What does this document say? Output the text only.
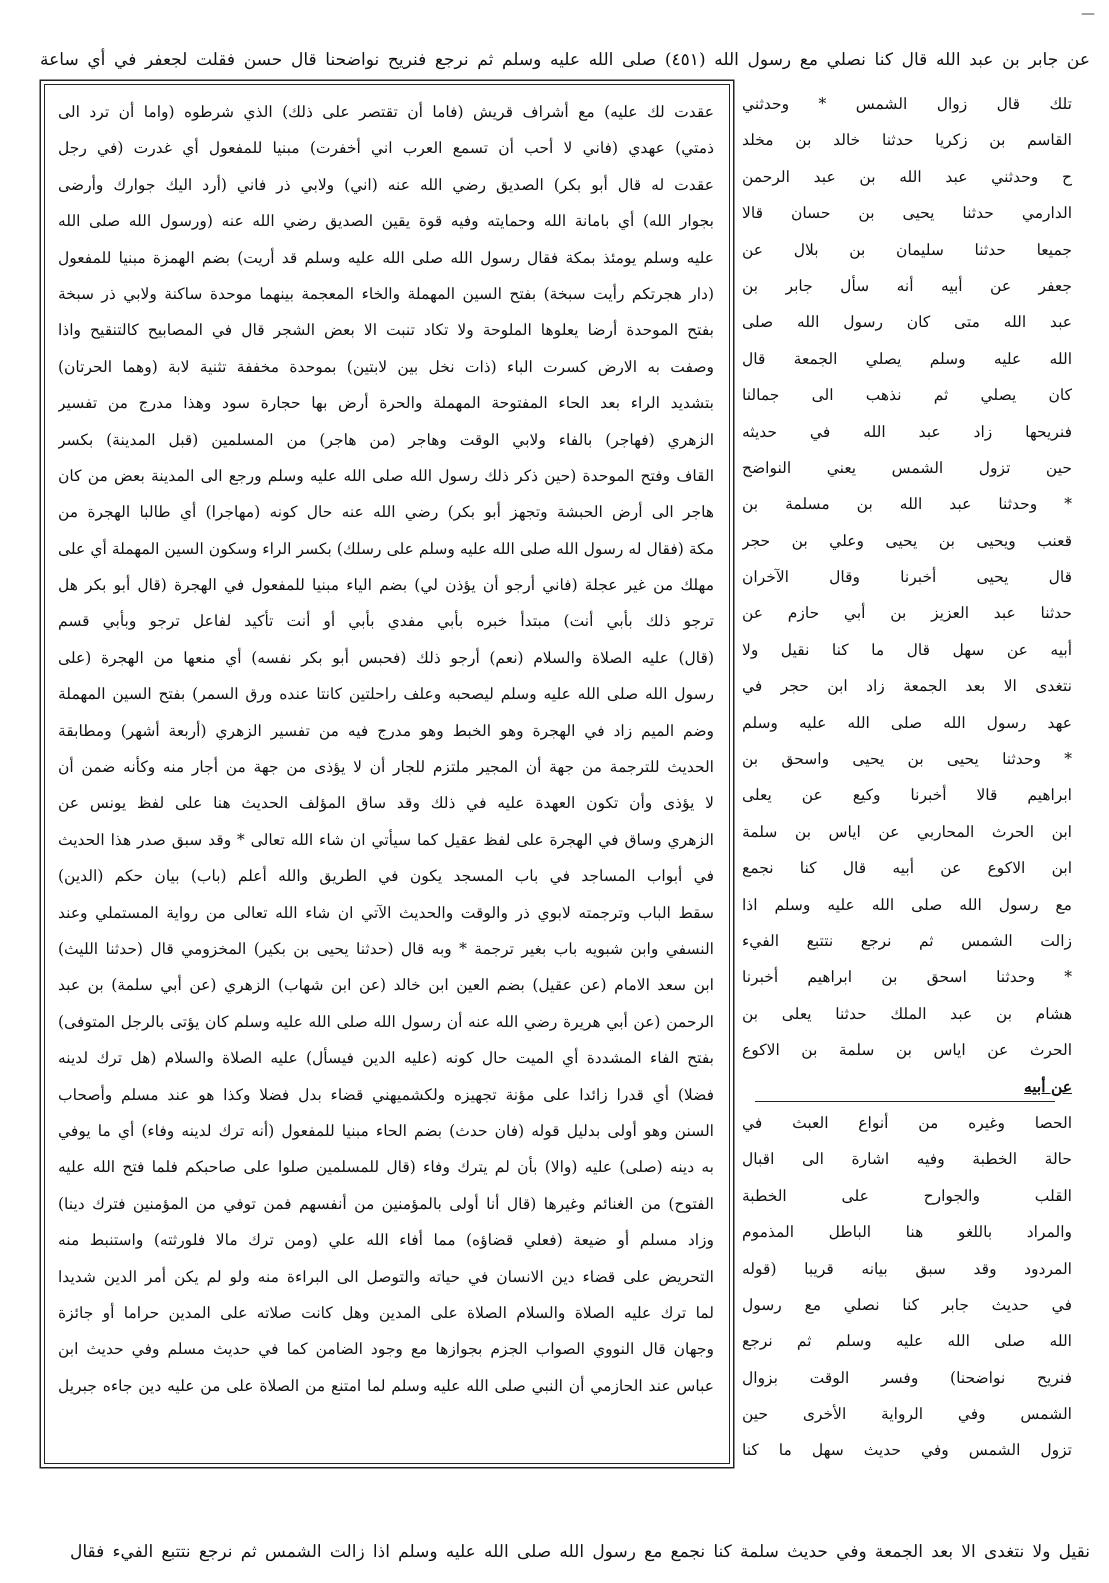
—
عن جابر بن عبد الله قال كنا نصلي مع رسول الله (٤٥١) صلى الله عليه وسلم ثم نرجع فنريح نواضحنا قال حسن فقلت لجعفر في أي ساعة
عقدت لك عليه) مع أشراف قريش (فاما أن تقتصر على ذلك) الذي شرطوه (واما أن ترد الى
ذمتي) عهدي (فاني لا أحب أن تسمع العرب اني أخفرت) مبنيا للمفعول أي غدرت (في رجل
عقدت له قال أبو بكر) الصديق رضي الله عنه (اني) ولابي ذر فاني (أرد اليك جوارك وأرضى
بجوار الله) أي بامانة الله وحمايته وفيه قوة يقين الصديق رضي الله عنه (ورسول الله صلى الله
عليه وسلم يومئذ بمكة فقال رسول الله صلى الله عليه وسلم قد أريت) بضم الهمزة مبنيا للمفعول
(دار هجرتكم رأيت سبخة) بفتح السين المهملة والخاء المعجمة بينهما موحدة ساكنة ولابي ذر سبخة
بفتح الموحدة أرضا يعلوها الملوحة ولا تكاد تنبت الا بعض الشجر قال في المصابيح كالتنقيح واذا
وصفت به الارض كسرت الباء (ذات نخل بين لابتين) بموحدة مخففة تثنية لابة (وهما الحرتان)
بتشديد الراء بعد الحاء المفتوحة المهملة والحرة أرض بها حجارة سود وهذا مدرج من تفسير
الزهري (فهاجر) بالفاء ولابي الوقت وهاجر (من هاجر) من المسلمين (قبل المدينة) بكسر
القاف وفتح الموحدة (حين ذكر ذلك رسول الله صلى الله عليه وسلم ورجع الى المدينة بعض من كان
هاجر الى أرض الحبشة وتجهز أبو بكر) رضي الله عنه حال كونه (مهاجرا) أي طالبا الهجرة من
مكة (فقال له رسول الله صلى الله عليه وسلم على رسلك) بكسر الراء وسكون السين المهملة أي على
مهلك من غير عجلة (فاني أرجو أن يؤذن لي) بضم الياء مبنيا للمفعول في الهجرة (قال أبو بكر هل
ترجو ذلك بأبي أنت) مبتدأ خبره بأبي مفدي بأبي أو أنت تأكيد لفاعل ترجو وبأبي قسم
(قال) عليه الصلاة والسلام (نعم) أرجو ذلك (فحبس أبو بكر نفسه) أي منعها من الهجرة (على
رسول الله صلى الله عليه وسلم ليصحبه وعلف راحلتين كانتا عنده ورق السمر) بفتح السين المهملة
وضم الميم زاد في الهجرة وهو الخبط وهو مدرج فيه من تفسير الزهري (أربعة أشهر) ومطابقة
الحديث للترجمة من جهة أن المجير ملتزم للجار أن لا يؤذى من جهة من أجار منه وكأنه ضمن أن
لا يؤذى وأن تكون العهدة عليه في ذلك وقد ساق المؤلف الحديث هنا على لفظ يونس عن
الزهري وساق في الهجرة على لفظ عقيل كما سيأتي ان شاء الله تعالى * وقد سبق صدر هذا الحديث
في أبواب المساجد في باب المسجد يكون في الطريق والله أعلم (باب) بيان حكم (الدين)
سقط الباب وترجمته لابوي ذر والوقت والحديث الآتي ان شاء الله تعالى من رواية المستملي وعند
النسفي وابن شبويه باب بغير ترجمة * وبه قال (حدثنا يحيى بن بكير) المخزومي قال (حدثنا الليث)
ابن سعد الامام (عن عقيل) بضم العين ابن خالد (عن ابن شهاب) الزهري (عن أبي سلمة) بن عبد
الرحمن (عن أبي هريرة رضي الله عنه أن رسول الله صلى الله عليه وسلم كان يؤتى بالرجل المتوفى)
بفتح الفاء المشددة أي الميت حال كونه (عليه الدين فيسأل) عليه الصلاة والسلام (هل ترك لدينه
فضلا) أي قدرا زائدا على مؤنة تجهيزه ولكشميهني قضاء بدل فضلا وكذا هو عند مسلم وأصحاب
السنن وهو أولى بدليل قوله (فان حدث) بضم الحاء مبنيا للمفعول (أنه ترك لدينه وفاء) أي ما يوفي
به دينه (صلى) عليه (والا) بأن لم يترك وفاء (قال للمسلمين صلوا على صاحبكم فلما فتح الله عليه
الفتوح) من الغنائم وغيرها (قال أنا أولى بالمؤمنين من أنفسهم فمن توفي من المؤمنين فترك دينا)
وزاد مسلم أو ضيعة (فعلي قضاؤه) مما أفاء الله علي (ومن ترك مالا فلورثته) واستنبط منه
التحريض على قضاء دين الانسان في حياته والتوصل الى البراءة منه ولو لم يكن أمر الدين شديدا
لما ترك عليه الصلاة والسلام الصلاة على المدين وهل كانت صلاته على المدين حراما أو جائزة
وجهان قال النووي الصواب الجزم بجوازها مع وجود الضامن كما في حديث مسلم وفي حديث ابن
عباس عند الحازمي أن النبي صلى الله عليه وسلم لما امتنع من الصلاة على من عليه دين جاءه جبريل
تلك قال زوال الشمس * وحدثني
القاسم بن زكريا حدثنا خالد بن مخلد
ح وحدثني عبد الله بن عبد الرحمن
الدارمي حدثنا يحيى بن حسان قالا
جميعا حدثنا سليمان بن بلال عن
جعفر عن أبيه أنه سأل جابر بن
عبد الله متى كان رسول الله صلى
الله عليه وسلم يصلي الجمعة قال
كان يصلي ثم نذهب الى جمالنا
فنريحها زاد عبد الله في حديثه
حين تزول الشمس يعني النواضح
* وحدثنا عبد الله بن مسلمة بن
قعنب ويحيى بن يحيى وعلي بن حجر
قال يحيى أخبرنا وقال الآخران
حدثنا عبد العزيز بن أبي حازم عن
أبيه عن سهل قال ما كنا نقيل ولا
نتغدى الا بعد الجمعة زاد ابن حجر في
عهد رسول الله صلى الله عليه وسلم
* وحدثنا يحيى بن يحيى واسحق بن
ابراهيم قالا أخبرنا وكيع عن يعلى
ابن الحرث المحاربي عن اياس بن سلمة
ابن الاكوع عن أبيه قال كنا نجمع
مع رسول الله صلى الله عليه وسلم اذا
زالت الشمس ثم نرجع نتتبع الفيء
* وحدثنا اسحق بن ابراهيم أخبرنا
هشام بن عبد الملك حدثنا يعلى بن
الحرث عن اياس بن سلمة بن الاكوع
عن أبيه
الحصا وغيره من أنواع العبث في
حالة الخطبة وفيه اشارة الى اقبال
القلب والجوارح على الخطبة
والمراد باللغو هنا الباطل المذموم
المردود وقد سبق بيانه قريبا (قوله
في حديث جابر كنا نصلي مع رسول
الله صلى الله عليه وسلم ثم نرجع
فنريح نواضحنا) وفسر الوقت بزوال
الشمس وفي الرواية الأخرى حين
تزول الشمس وفي حديث سهل ما كنا
نقيل ولا نتغدى الا بعد الجمعة وفي حديث سلمة كنا نجمع مع رسول الله صلى الله عليه وسلم اذا زالت الشمس ثم نرجع نتتبع الفيء فقال
